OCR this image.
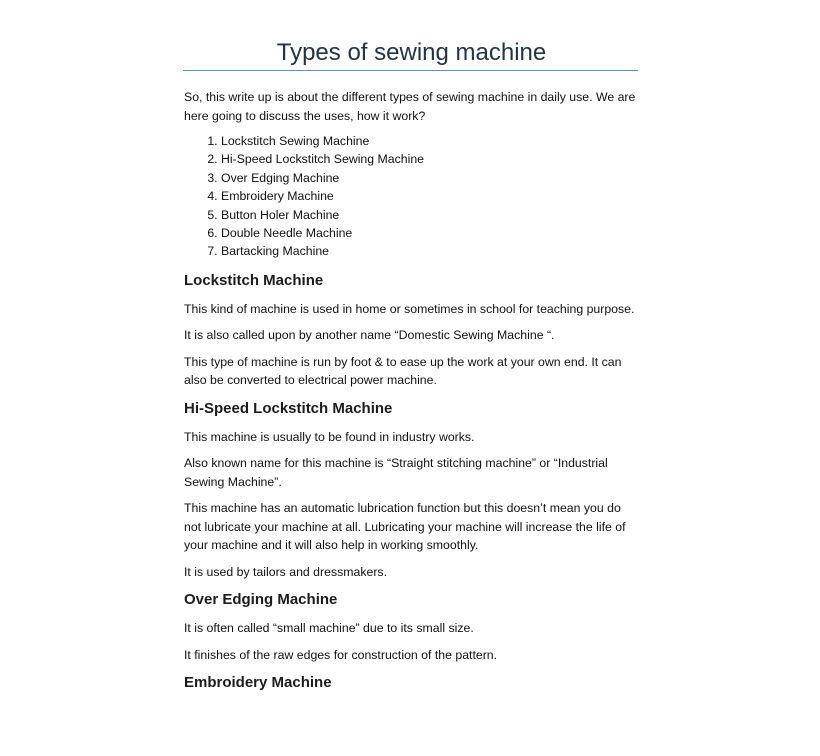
Types of sewing machine

So, this write up is about the different types of sewing machine in daily use. We are here going to discuss the uses, how it work?

1. Lockstitch Sewing Machine
2. Hi-Speed Lockstitch Sewing Machine
3. Over Edging Machine
4. Embroidery Machine
5. Button Holer Machine
6. Double Needle Machine
7. Bartacking Machine
Lockstitch Machine

This kind of machine is used in home or sometimes in school for teaching purpose.

It is also called upon by another name “Domestic Sewing Machine “.

This type of machine is run by foot & to ease up the work at your own end. It can also be converted to electrical power machine.

Hi-Speed Lockstitch Machine

This machine is usually to be found in industry works.

Also known name for this machine is “Straight stitching machine” or “Industrial Sewing Machine”.

This machine has an automatic lubrication function but this doesn’t mean you do not lubricate your machine at all. Lubricating your machine will increase the life of your machine and it will also help in working smoothly.

It is used by tailors and dressmakers.

Over Edging Machine

It is often called “small machine” due to its small size.

It finishes of the raw edges for construction of the pattern.

Embroidery Machine
